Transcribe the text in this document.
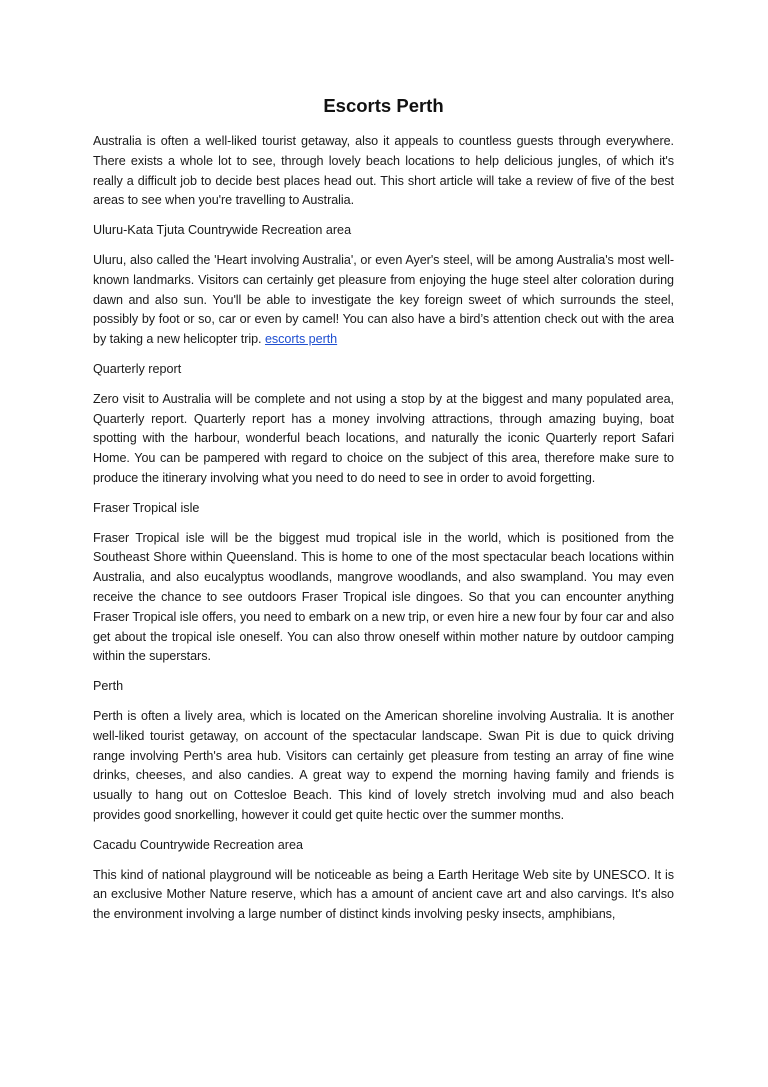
Escorts Perth

Australia is often a well-liked tourist getaway, also it appeals to countless guests through everywhere. There exists a whole lot to see, through lovely beach locations to help delicious jungles, of which it's really a difficult job to decide best places head out. This short article will take a review of five of the best areas to see when you're travelling to Australia.

Uluru-Kata Tjuta Countrywide Recreation area

Uluru, also called the 'Heart involving Australia', or even Ayer's steel, will be among Australia's most well-known landmarks. Visitors can certainly get pleasure from enjoying the huge steel alter coloration during dawn and also sun. You'll be able to investigate the key foreign sweet of which surrounds the steel, possibly by foot or so, car or even by camel! You can also have a bird’s attention check out with the area by taking a new helicopter trip. escorts perth

Quarterly report

Zero visit to Australia will be complete and not using a stop by at the biggest and many populated area, Quarterly report. Quarterly report has a money involving attractions, through amazing buying, boat spotting with the harbour, wonderful beach locations, and naturally the iconic Quarterly report Safari Home. You can be pampered with regard to choice on the subject of this area, therefore make sure to produce the itinerary involving what you need to do need to see in order to avoid forgetting.

Fraser Tropical isle

Fraser Tropical isle will be the biggest mud tropical isle in the world, which is positioned from the Southeast Shore within Queensland. This is home to one of the most spectacular beach locations within Australia, and also eucalyptus woodlands, mangrove woodlands, and also swampland. You may even receive the chance to see outdoors Fraser Tropical isle dingoes. So that you can encounter anything Fraser Tropical isle offers, you need to embark on a new trip, or even hire a new four by four car and also get about the tropical isle oneself. You can also throw oneself within mother nature by outdoor camping within the superstars.

Perth

Perth is often a lively area, which is located on the American shoreline involving Australia. It is another well-liked tourist getaway, on account of the spectacular landscape. Swan Pit is due to quick driving range involving Perth's area hub. Visitors can certainly get pleasure from testing an array of fine wine drinks, cheeses, and also candies. A great way to expend the morning having family and friends is usually to hang out on Cottesloe Beach. This kind of lovely stretch involving mud and also beach provides good snorkelling, however it could get quite hectic over the summer months.

Cacadu Countrywide Recreation area

This kind of national playground will be noticeable as being a Earth Heritage Web site by UNESCO. It is an exclusive Mother Nature reserve, which has a amount of ancient cave art and also carvings. It's also the environment involving a large number of distinct kinds involving pesky insects, amphibians,
